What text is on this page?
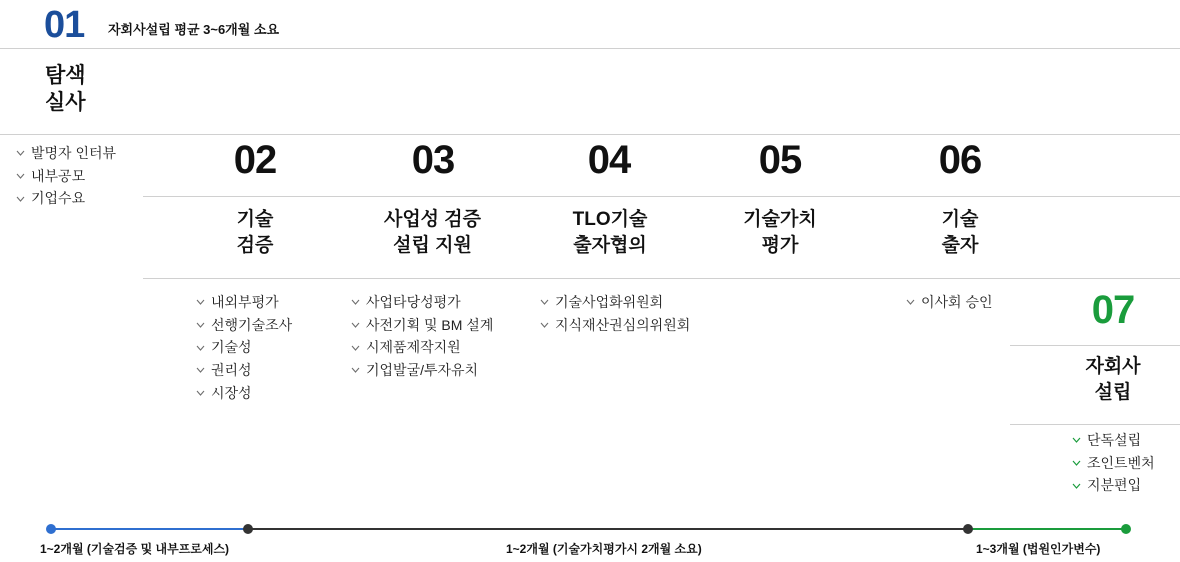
01 자회사설립 평균 3~6개월 소요
탐색
실사
발명자 인터뷰
내부공모
기업수요
02	03	04	05	06
기술
검증
사업성 검증
설립 지원
TLO기술
출자협의
기술가치
평가
기술
출자
내외부평가
선행기술조사
기술성
권리성
시장성
사업타당성평가
사전기획 및 BM 설계
시제품제작지원
기업발굴/투자유치
기술사업화위원회
지식재산권심의위원회
이사회 승인	07
자회사
설립
단독설립
조인트벤처
지분편입
1~2개월 (기술검증 및 내부프로세스)	1~2개월 (기술가치평가시 2개월 소요)	1~3개월 (법원인가변수)
